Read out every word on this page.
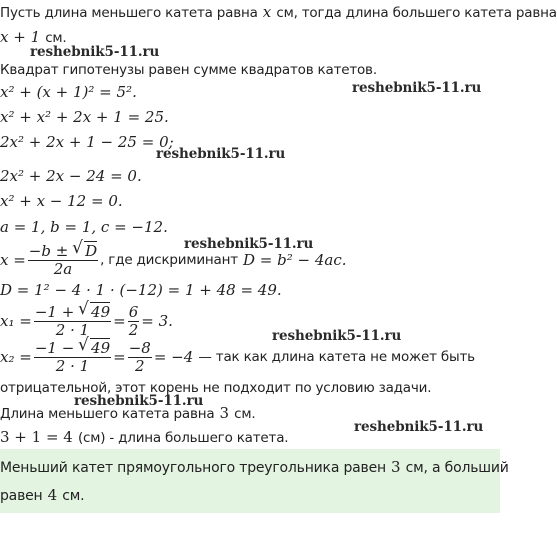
Пусть длина меньшего катета равна x см, тогда длина большего катета равна
x + 1 см.
reshebnik5-11.ru
Квадрат гипотенузы равен сумме квадратов катетов.
x² + (x + 1)² = 5².	reshebnik5-11.ru
x² + x² + 2x + 1 = 25.
2x² + 2x + 1 − 25 = 0;
reshebnik5-11.ru
2x² + 2x − 24 = 0.
x² + x − 12 = 0.
a = 1, b = 1, c = −12.
reshebnik5-11.ru
$x = \frac{-b \pm √ D}{2a}$ , где дискриминант
D = b² − 4ac.
D = 1² − 4 · 1 · (−12) = 1 + 48 = 49.
$x_1 = \frac{-1 + √ 49}{2 \cdot 1} = \frac{6}{2} = 3$.
reshebnik5-11.ru
$x_2 = \frac{-1 - √ 49}{2 \cdot 1} = \frac{-8}{2} = -4$
— так как длина катета не может быть
отрицательной, этот корень не подходит по условию задачи.
reshebnik5-11.ru
Длина меньшего катета равна 3 см.
reshebnik5-11.ru
3 + 1 = 4 (см) - длина большего катета.
Меньший катет прямоугольного треугольника равен 3 см, а больший
равен 4 см.
